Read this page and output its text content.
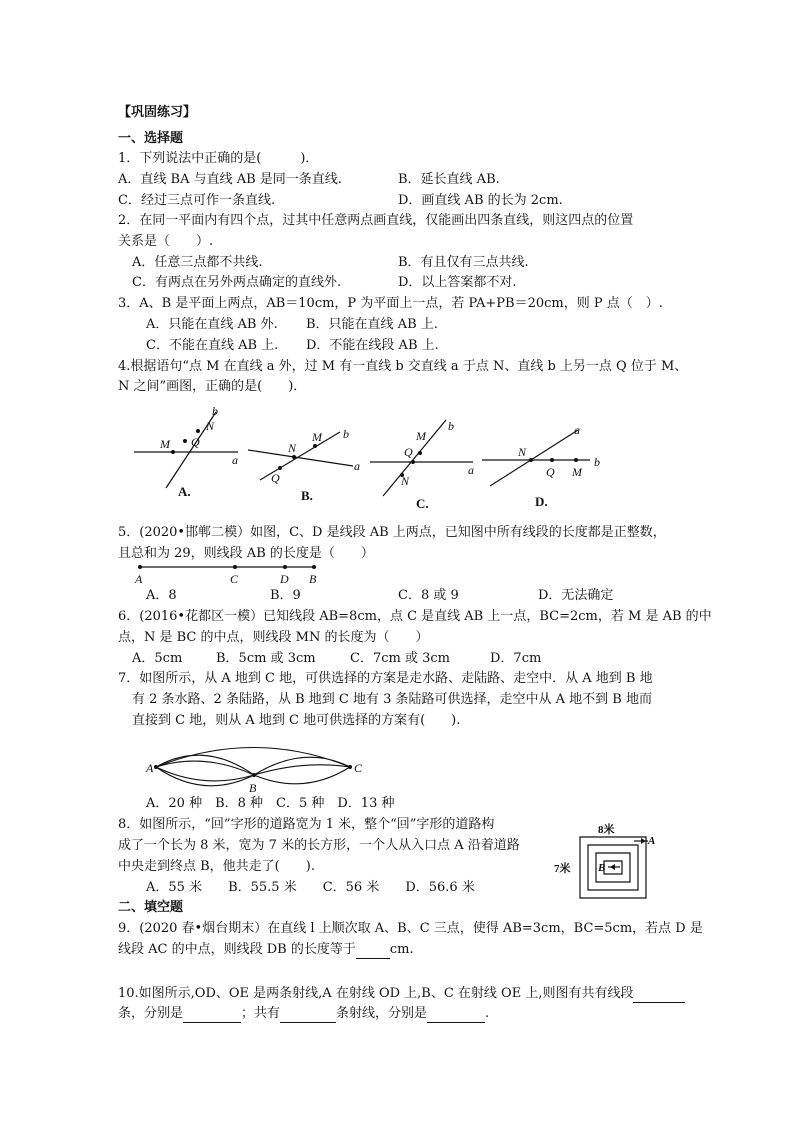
【巩固练习】
一、选择题
1．下列说法中正确的是(　　　)．
A．直线 BA 与直线 AB 是同一条直线.	B．延长直线 AB.
C．经过三点可作一条直线.	D．画直线 AB 的长为 2cm.
2．在同一平面内有四个点，过其中任意两点画直线，仅能画出四条直线，则这四点的位置
关系是（　　）.
A．任意三点都不共线.	B．有且仅有三点共线.
C．有两点在另外两点确定的直线外.	D．以上答案都不对.
3．A、B 是平面上两点，AB＝10cm，P 为平面上一点，若 PA+PB＝20cm，则 P 点（　）.
A．只能在直线 AB 外. B．只能在直线 AB 上.
C．不能在直线 AB 上. D．不能在线段 AB 上.
4.根据语句“点 M 在直线 a 外，过 M 有一直线 b 交直线 a 于点 N、直线 b 上另一点 Q 位于 M、
N 之间”画图，正确的是(　　)．
b
N
Q
M
a
M b
N
Q
a
M
b
Q
N
a
a
N
Q M
b
A.	B.
C.	D.
5．(2020•邯郸二模）如图，C、D 是线段 AB 上两点，已知图中所有线段的长度都是正整数，
且总和为 29，则线段 AB 的长度是（　　）
A	C	D B
A．8	B．9	C．8 或 9	D．无法确定
6．(2016•花都区一模）已知线段 AB=8cm，点 C 是直线 AB 上一点，BC=2cm，若 M 是 AB 的中
点，N 是 BC 的中点，则线段 MN 的长度为（　　）
A．5cm	B．5cm 或 3cm	C．7cm 或 3cm	D．7cm
7．如图所示，从 A 地到 C 地，可供选择的方案是走水路、走陆路、走空中．从 A 地到 B 地
有 2 条水路、2 条陆路，从 B 地到 C 地有 3 条陆路可供选择，走空中从 A 地不到 B 地而
直接到 C 地，则从 A 地到 C 地可供选择的方案有(　　).
A
B
C
A．20 种　B．8 种　C．5 种　D．13 种
8．如图所示，“回”字形的道路宽为 1 米，整个“回”字形的道路构
成了一个长为 8 米，宽为 7 米的长方形，一个人从入口点 A 沿着道路
中央走到终点 B，他共走了(　　).
A．55 米　　B．55.5 米　　C．56 米　　D．56.6 米
8米
7米
A
B
二、填空题
9．(2020 春•烟台期末）在直线 l 上顺次取 A、B、C 三点，使得 AB=3cm，BC=5cm，若点 D 是
线段 AC 的中点，则线段 DB 的长度等于	cm.
10.如图所示,OD、OE 是两条射线,A 在射线 OD 上,B、C 在射线 OE 上,则图有共有线段
条，分别是	；共有	条射线，分别是	.
